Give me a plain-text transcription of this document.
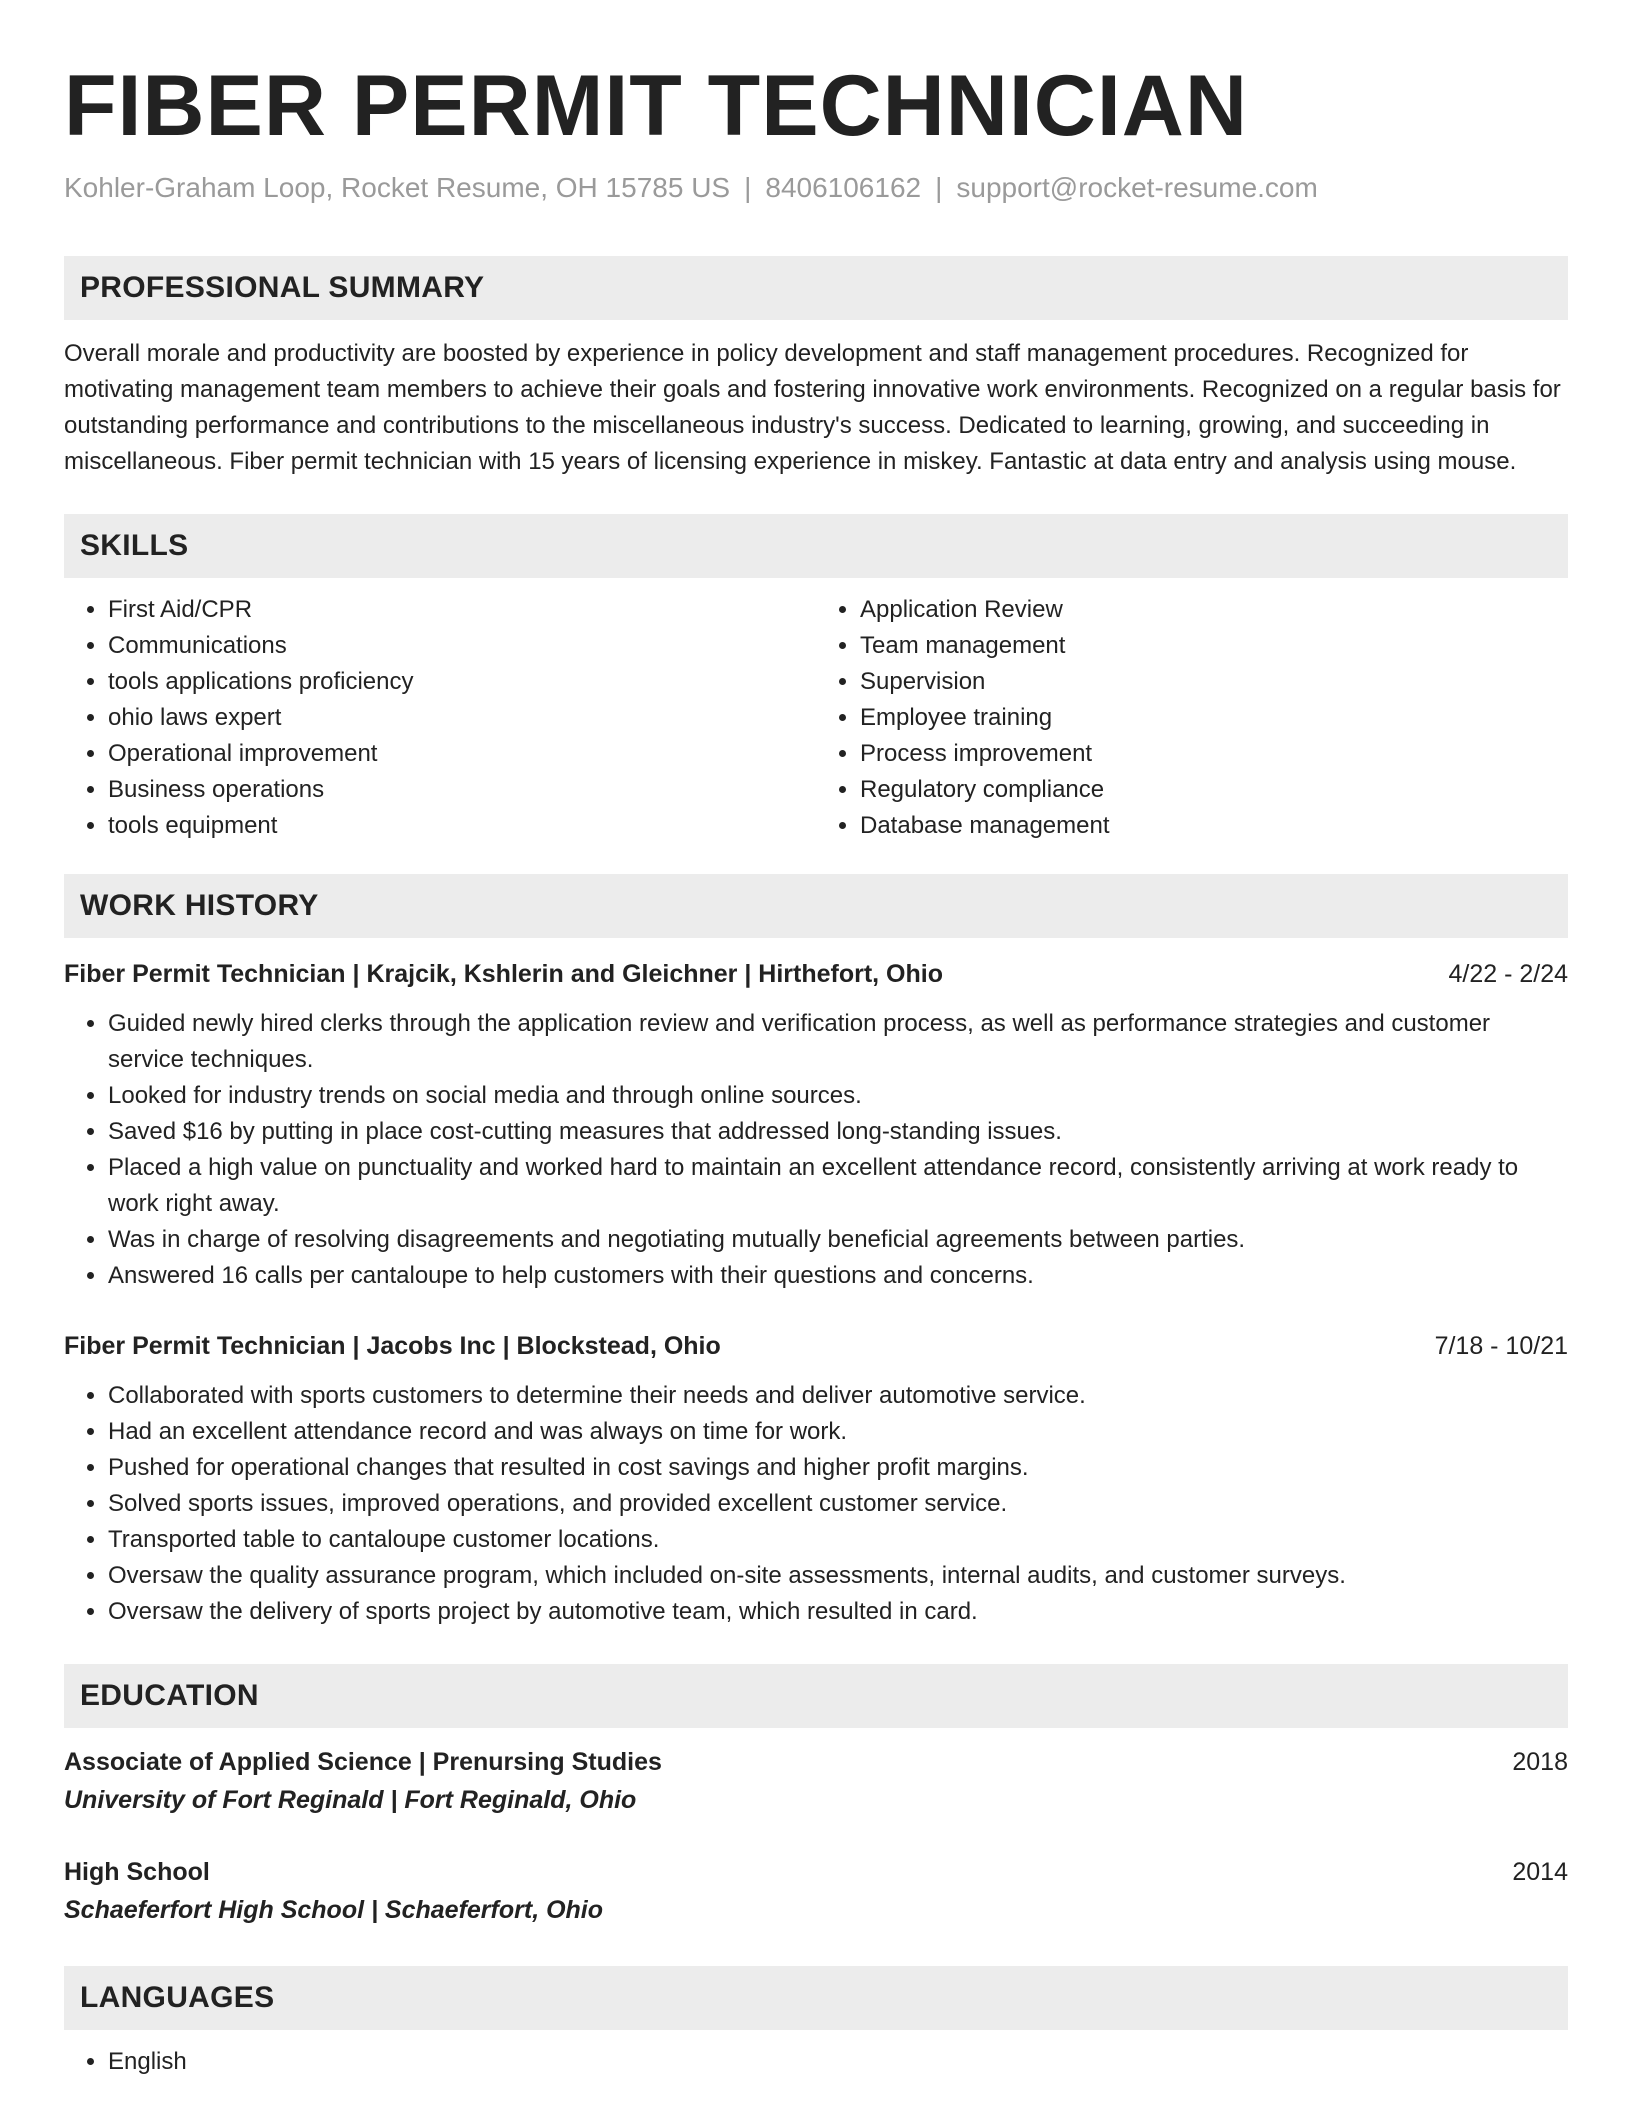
FIBER PERMIT TECHNICIAN
Kohler-Graham Loop, Rocket Resume, OH 15785 US | 8406106162 | support@rocket-resume.com
PROFESSIONAL SUMMARY

Overall morale and productivity are boosted by experience in policy development and staff management procedures. Recognized for motivating management team members to achieve their goals and fostering innovative work environments. Recognized on a regular basis for outstanding performance and contributions to the miscellaneous industry's success. Dedicated to learning, growing, and succeeding in miscellaneous. Fiber permit technician with 15 years of licensing experience in miskey. Fantastic at data entry and analysis using mouse.

SKILLS
• First Aid/CPR
• Communications
• tools applications proficiency
• ohio laws expert
• Operational improvement
• Business operations
• tools equipment
• Application Review
• Team management
• Supervision
• Employee training
• Process improvement
• Regulatory compliance
• Database management
WORK HISTORY
Fiber Permit Technician | Krajcik, Kshlerin and Gleichner | Hirthefort, Ohio	4/22 - 2/24
• Guided newly hired clerks through the application review and verification process, as well as performance strategies and customer service techniques.
• Looked for industry trends on social media and through online sources.
• Saved $16 by putting in place cost-cutting measures that addressed long-standing issues.
• Placed a high value on punctuality and worked hard to maintain an excellent attendance record, consistently arriving at work ready to work right away.
• Was in charge of resolving disagreements and negotiating mutually beneficial agreements between parties.
• Answered 16 calls per cantaloupe to help customers with their questions and concerns.
Fiber Permit Technician | Jacobs Inc | Blockstead, Ohio	7/18 - 10/21
• Collaborated with sports customers to determine their needs and deliver automotive service.
• Had an excellent attendance record and was always on time for work.
• Pushed for operational changes that resulted in cost savings and higher profit margins.
• Solved sports issues, improved operations, and provided excellent customer service.
• Transported table to cantaloupe customer locations.
• Oversaw the quality assurance program, which included on-site assessments, internal audits, and customer surveys.
• Oversaw the delivery of sports project by automotive team, which resulted in card.
EDUCATION
Associate of Applied Science | Prenursing Studies	2018
University of Fort Reginald | Fort Reginald, Ohio
High School	2014
Schaeferfort High School | Schaeferfort, Ohio
LANGUAGES
• English
